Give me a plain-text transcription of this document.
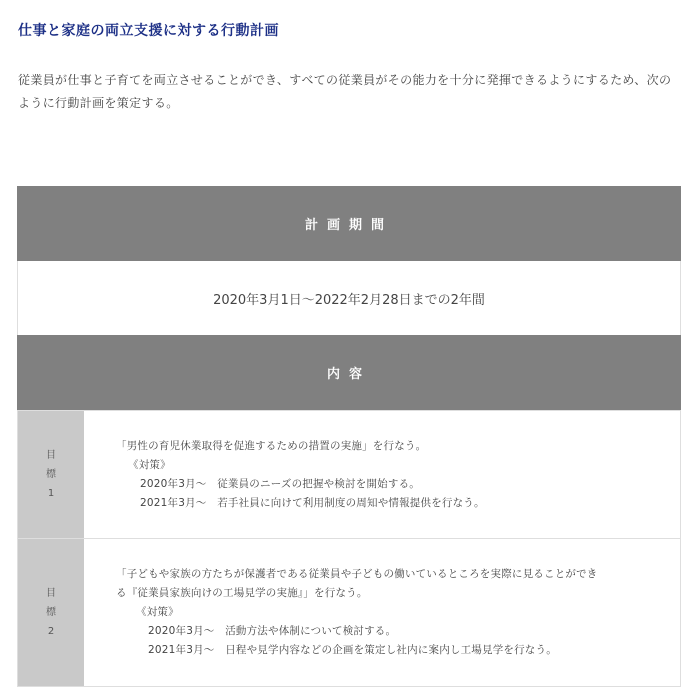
仕事と家庭の両立支援に対する行動計画

従業員が仕事と子育てを両立させることができ、すべての従業員がその能力を十分に発揮できるようにするため、次のように行動計画を策定する。

計画期間
2020年3月1日～2022年2月28日までの2年間
内容
目
標
1
「男性の育児休業取得を促進するための措置の実施」を行なう。
《対策》
2020年3月～　従業員のニーズの把握や検討を開始する。
2021年3月～　若手社員に向けて利用制度の周知や情報提供を行なう。
目
標
2
「子どもや家族の方たちが保護者である従業員や子どもの働いているところを実際に見ることができ
る『従業員家族向けの工場見学の実施』」を行なう。
《対策》
2020年3月～　活動方法や体制について検討する。
2021年3月～　日程や見学内容などの企画を策定し社内に案内し工場見学を行なう。
